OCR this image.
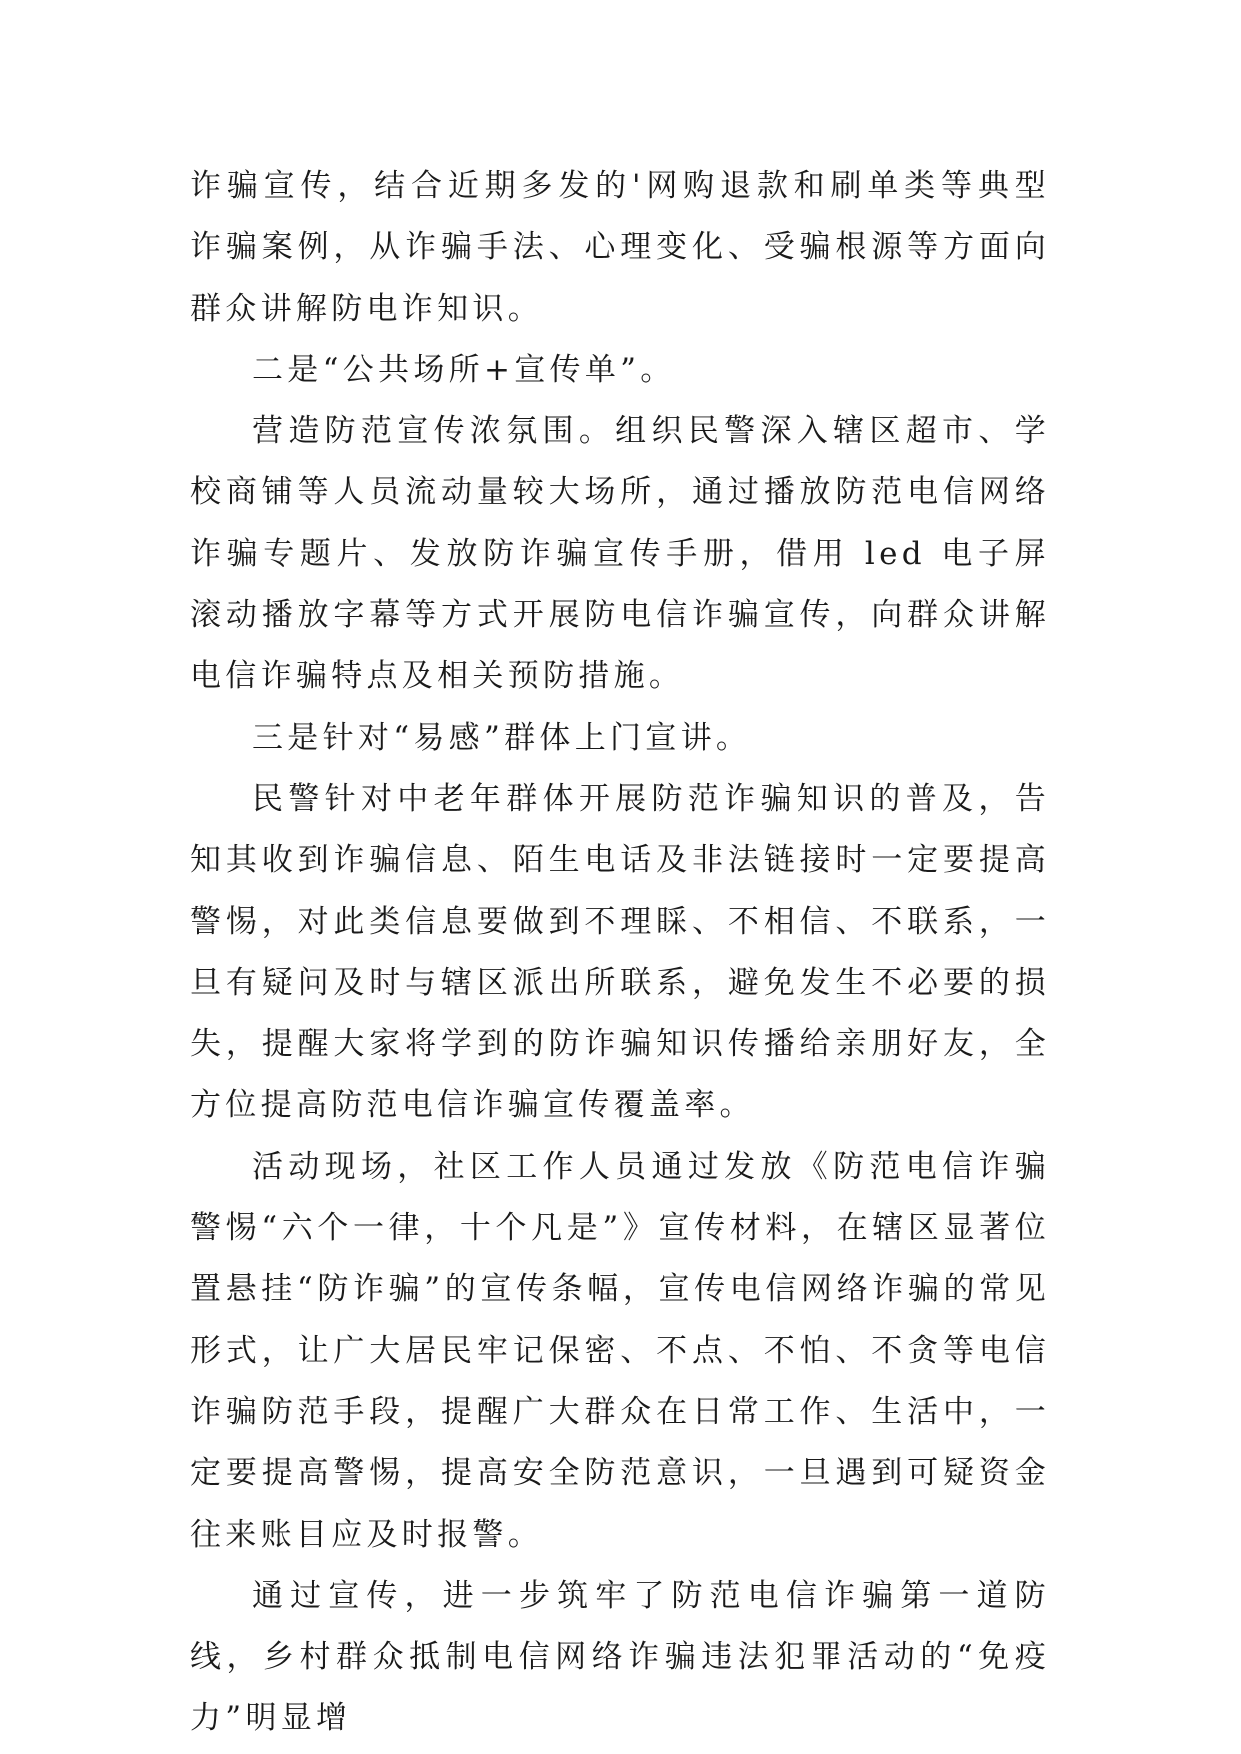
诈骗宣传，结合近期多发的'网购退款和刷单类等典型诈骗案例，从诈骗手法、心理变化、受骗根源等方面向群众讲解防电诈知识。

二是“公共场所+宣传单”。

营造防范宣传浓氛围。组织民警深入辖区超市、学校商铺等人员流动量较大场所，通过播放防范电信网络诈骗专题片、发放防诈骗宣传手册，借用 led 电子屏滚动播放字幕等方式开展防电信诈骗宣传，向群众讲解电信诈骗特点及相关预防措施。

三是针对“易感”群体上门宣讲。

民警针对中老年群体开展防范诈骗知识的普及，告知其收到诈骗信息、陌生电话及非法链接时一定要提高警惕，对此类信息要做到不理睬、不相信、不联系，一旦有疑问及时与辖区派出所联系，避免发生不必要的损失，提醒大家将学到的防诈骗知识传播给亲朋好友，全方位提高防范电信诈骗宣传覆盖率。

活动现场，社区工作人员通过发放《防范电信诈骗警惕“六个一律，十个凡是”》宣传材料，在辖区显著位置悬挂“防诈骗”的宣传条幅，宣传电信网络诈骗的常见形式，让广大居民牢记保密、不点、不怕、不贪等电信诈骗防范手段，提醒广大群众在日常工作、生活中，一定要提高警惕，提高安全防范意识，一旦遇到可疑资金往来账目应及时报警。

通过宣传，进一步筑牢了防范电信诈骗第一道防线，乡村群众抵制电信网络诈骗违法犯罪活动的“免疫力”明显增
